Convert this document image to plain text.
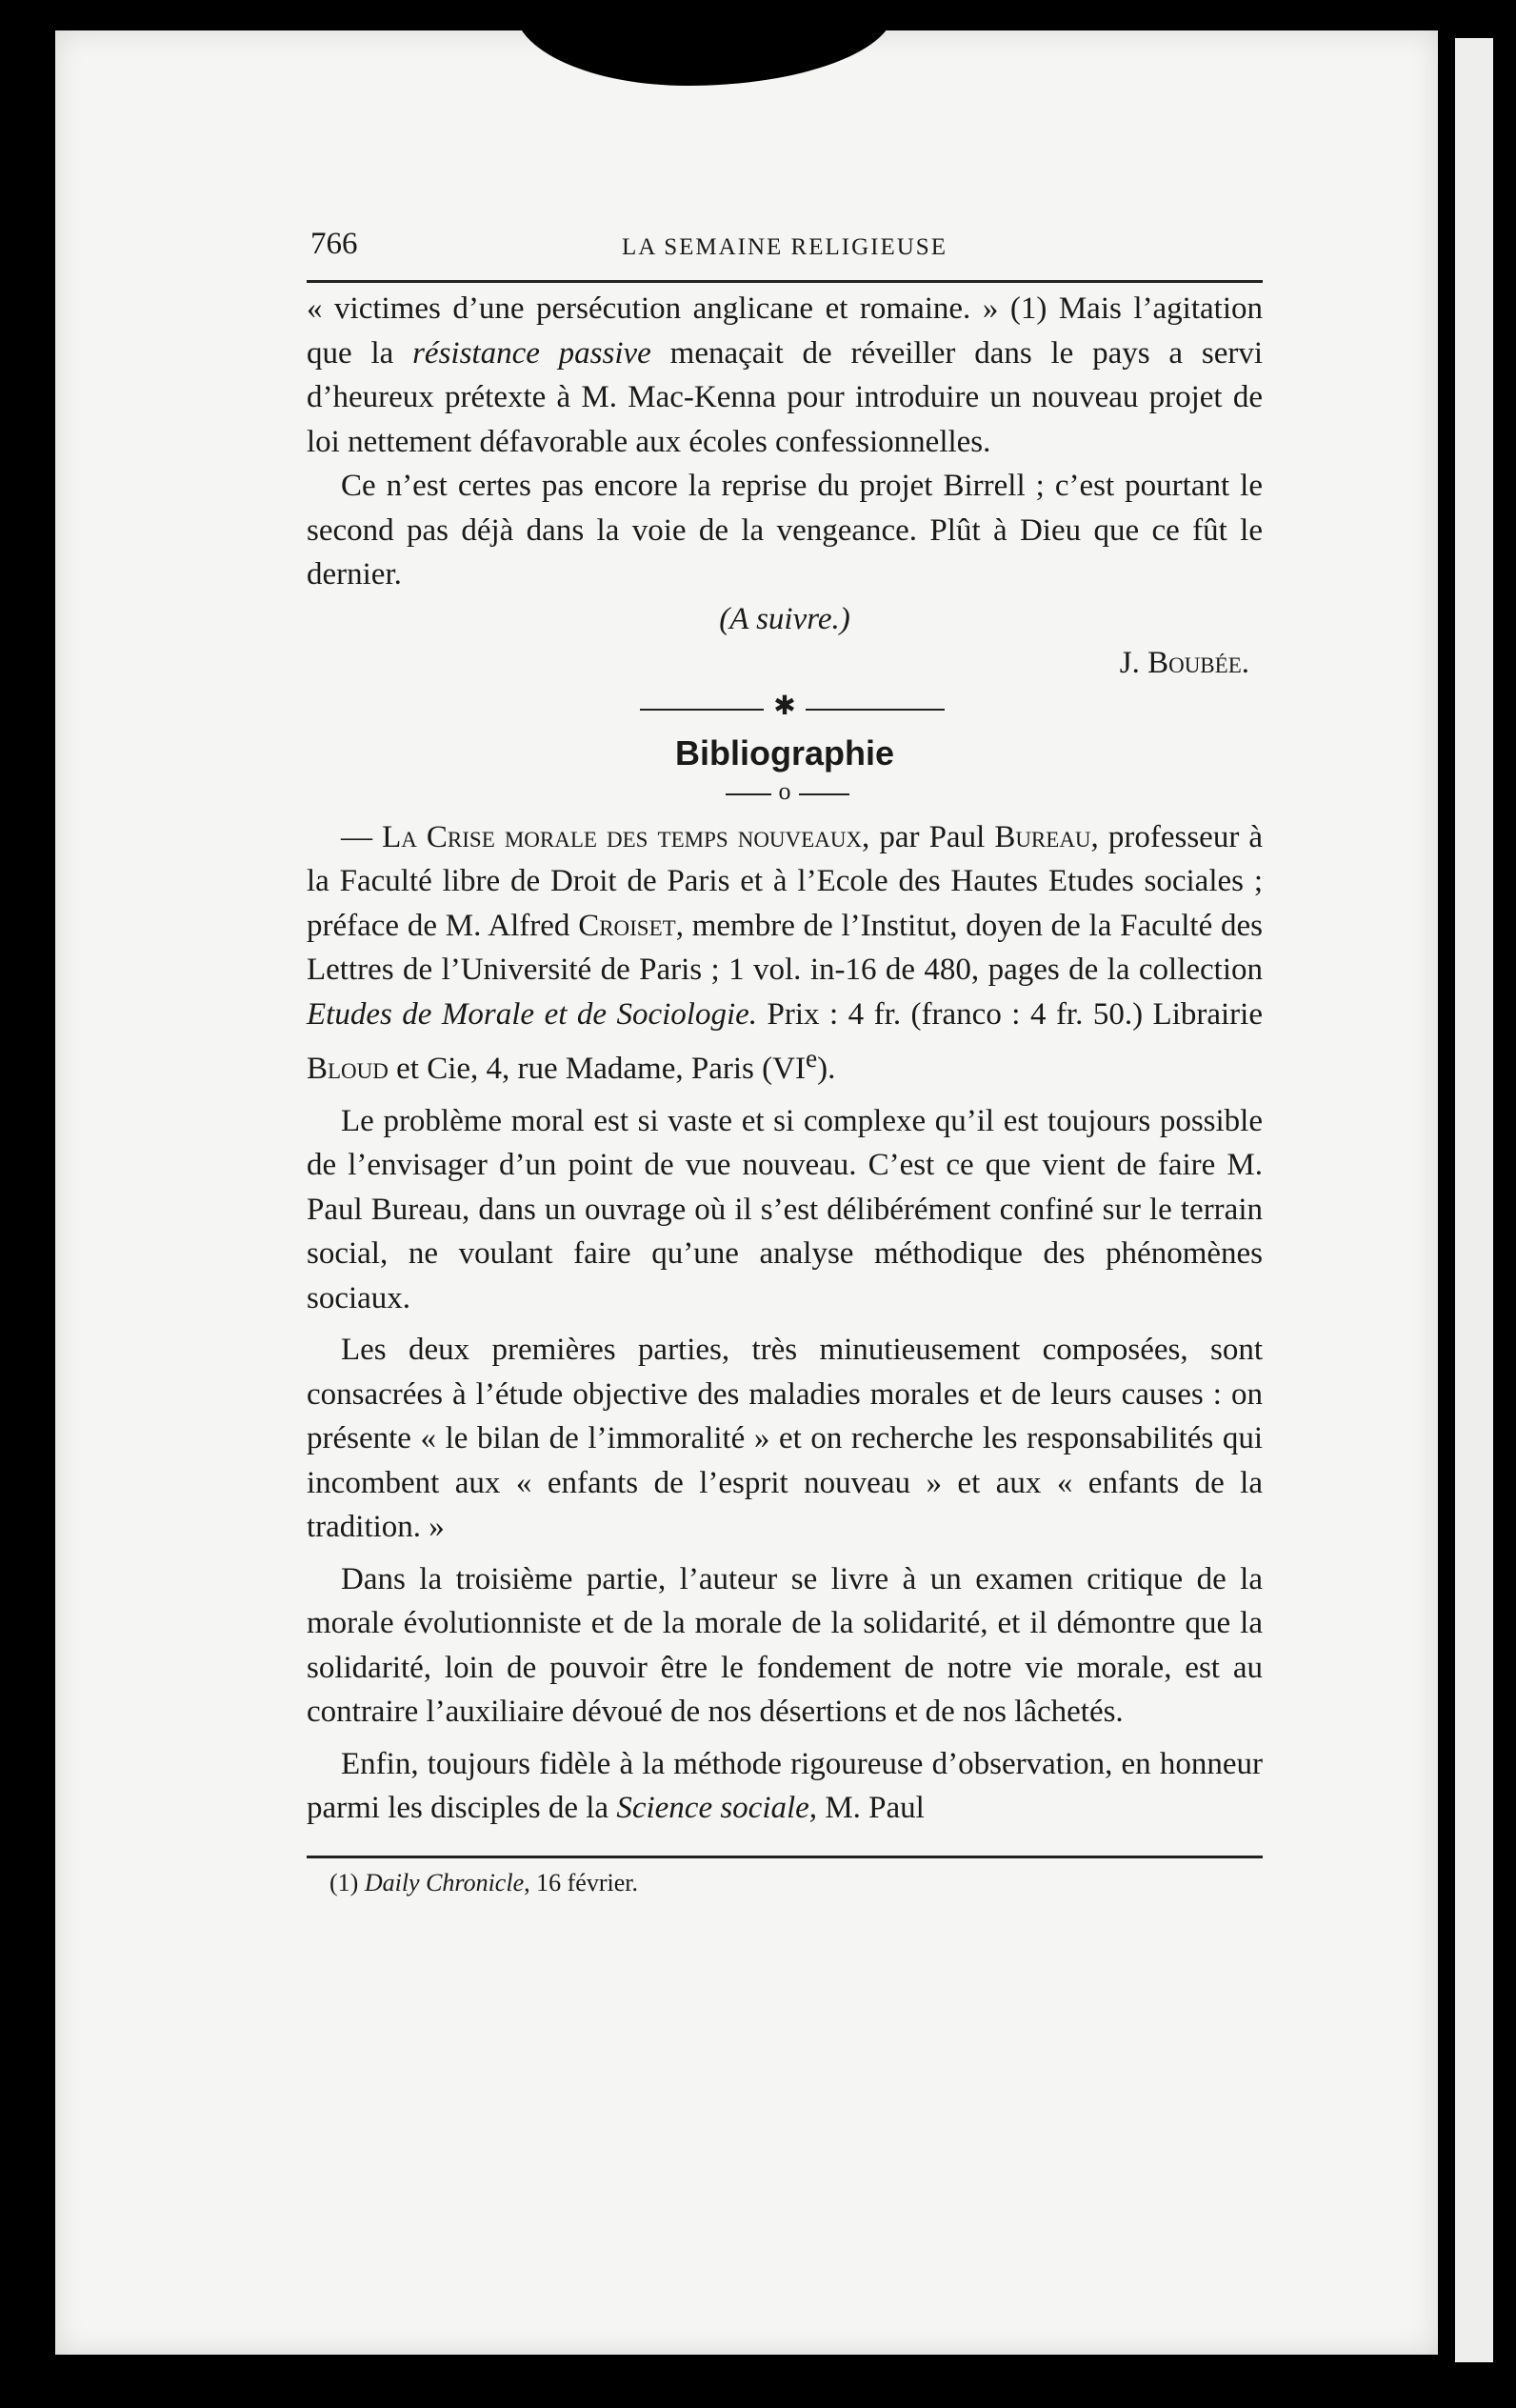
766	LA SEMAINE RELIGIEUSE

« victimes d’une persécution anglicane et romaine. » (1) Mais l’agitation que la résistance passive menaçait de réveiller dans le pays a servi d’heureux prétexte à M. Mac-Kenna pour introduire un nouveau projet de loi nettement défavorable aux écoles confessionnelles.

Ce n’est certes pas encore la reprise du projet Birrell ; c’est pourtant le second pas déjà dans la voie de la vengeance. Plût à Dieu que ce fût le dernier.

(A suivre.)

J. Boubée.

✱
Bibliographie
o

— La Crise morale des temps nouveaux, par Paul Bureau, professeur à la Faculté libre de Droit de Paris et à l’Ecole des Hautes Etudes sociales ; préface de M. Alfred Croiset, membre de l’Institut, doyen de la Faculté des Lettres de l’Université de Paris ; 1 vol. in-16 de 480, pages de la collection Etudes de Morale et de Sociologie. Prix : 4 fr. (franco : 4 fr. 50.) Librairie Bloud et Cie, 4, rue Madame, Paris (VIe).

Le problème moral est si vaste et si complexe qu’il est toujours possible de l’envisager d’un point de vue nouveau. C’est ce que vient de faire M. Paul Bureau, dans un ouvrage où il s’est délibérément confiné sur le terrain social, ne voulant faire qu’une analyse méthodique des phénomènes sociaux.

Les deux premières parties, très minutieusement composées, sont consacrées à l’étude objective des maladies morales et de leurs causes : on présente « le bilan de l’immoralité » et on recherche les responsabilités qui incombent aux « enfants de l’esprit nouveau » et aux « enfants de la tradition. »

Dans la troisième partie, l’auteur se livre à un examen critique de la morale évolutionniste et de la morale de la solidarité, et il démontre que la solidarité, loin de pouvoir être le fondement de notre vie morale, est au contraire l’auxiliaire dévoué de nos désertions et de nos lâchetés.

Enfin, toujours fidèle à la méthode rigoureuse d’observation, en honneur parmi les disciples de la Science sociale, M. Paul

(1) Daily Chronicle, 16 février.
